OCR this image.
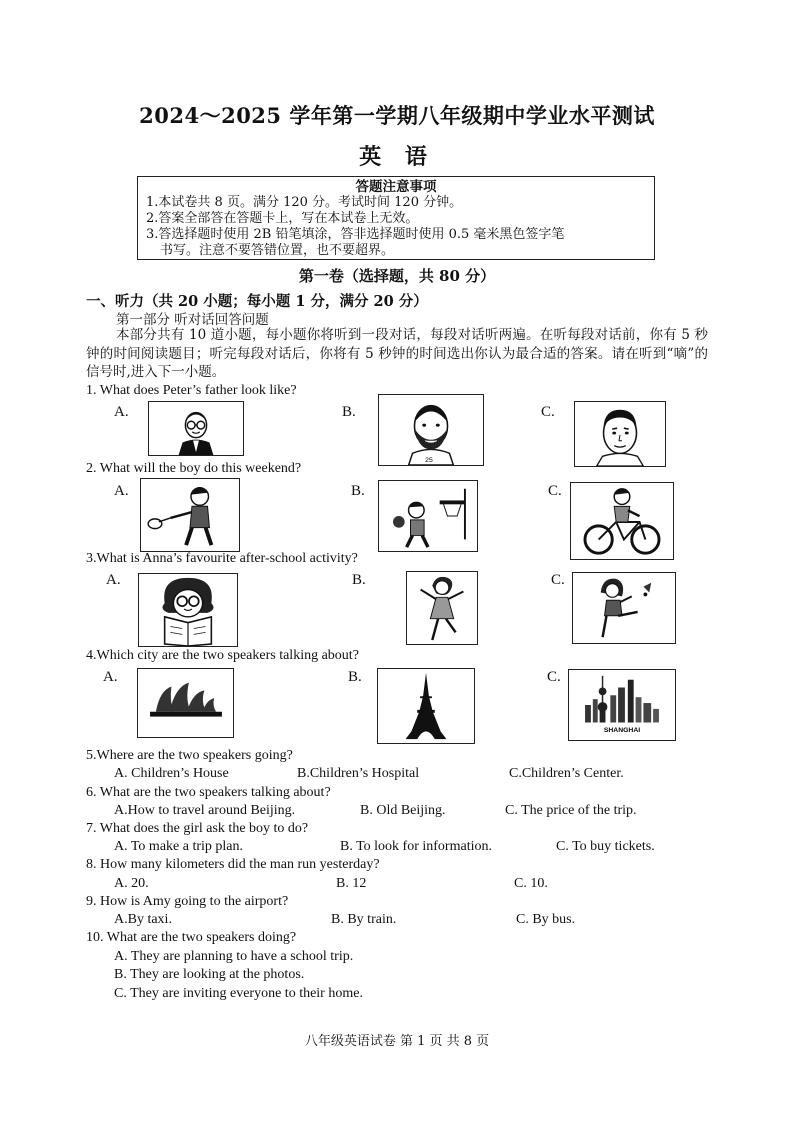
2024～2025 学年第一学期八年级期中学业水平测试
英 语
答题注意事项
1.本试卷共 8 页。满分 120 分。考试时间 120 分钟。
2.答案全部答在答题卡上，写在本试卷上无效。
3.答选择题时使用 2B 铅笔填涂，答非选择题时使用 0.5 毫米黑色签字笔
书写。注意不要答错位置，也不要超界。
第一卷（选择题，共 80 分）
一、听力（共 20 小题；每小题 1 分，满分 20 分）
第一部分 听对话回答问题
本部分共有 10 道小题，每小题你将听到一段对话，每段对话听两遍。在听每段对话前，你有 5 秒钟的时间阅读题目；听完每段对话后，你将有 5 秒钟的时间选出你认为最合适的答案。请在听到“嘀”的信号时,进入下一小题。
1. What does Peter’s father look like?
A.	B.	C.
25
2. What will the boy do this weekend?
A.	B.	C.
3.What is Anna’s favourite after-school activity?
A.	B.	C.
4.Which city are the two speakers talking about?
A.	B.	C.
SHANGHAI
5.Where are the two speakers going?
A. Children’s House	B.Children’s Hospital	C.Children’s Center.
6. What are the two speakers talking about?
A.How to travel around Beijing.	B. Old Beijing.	C. The price of the trip.
7. What does the girl ask the boy to do?
A. To make a trip plan.	B. To look for information.	C. To buy tickets.
8. How many kilometers did the man run yesterday?
A. 20.	B. 12	C. 10.
9. How is Amy going to the airport?
A.By taxi.	B. By train.	C. By bus.
10. What are the two speakers doing?
A. They are planning to have a school trip.
B. They are looking at the photos.
C. They are inviting everyone to their home.
八年级英语试卷 第 1 页 共 8 页
